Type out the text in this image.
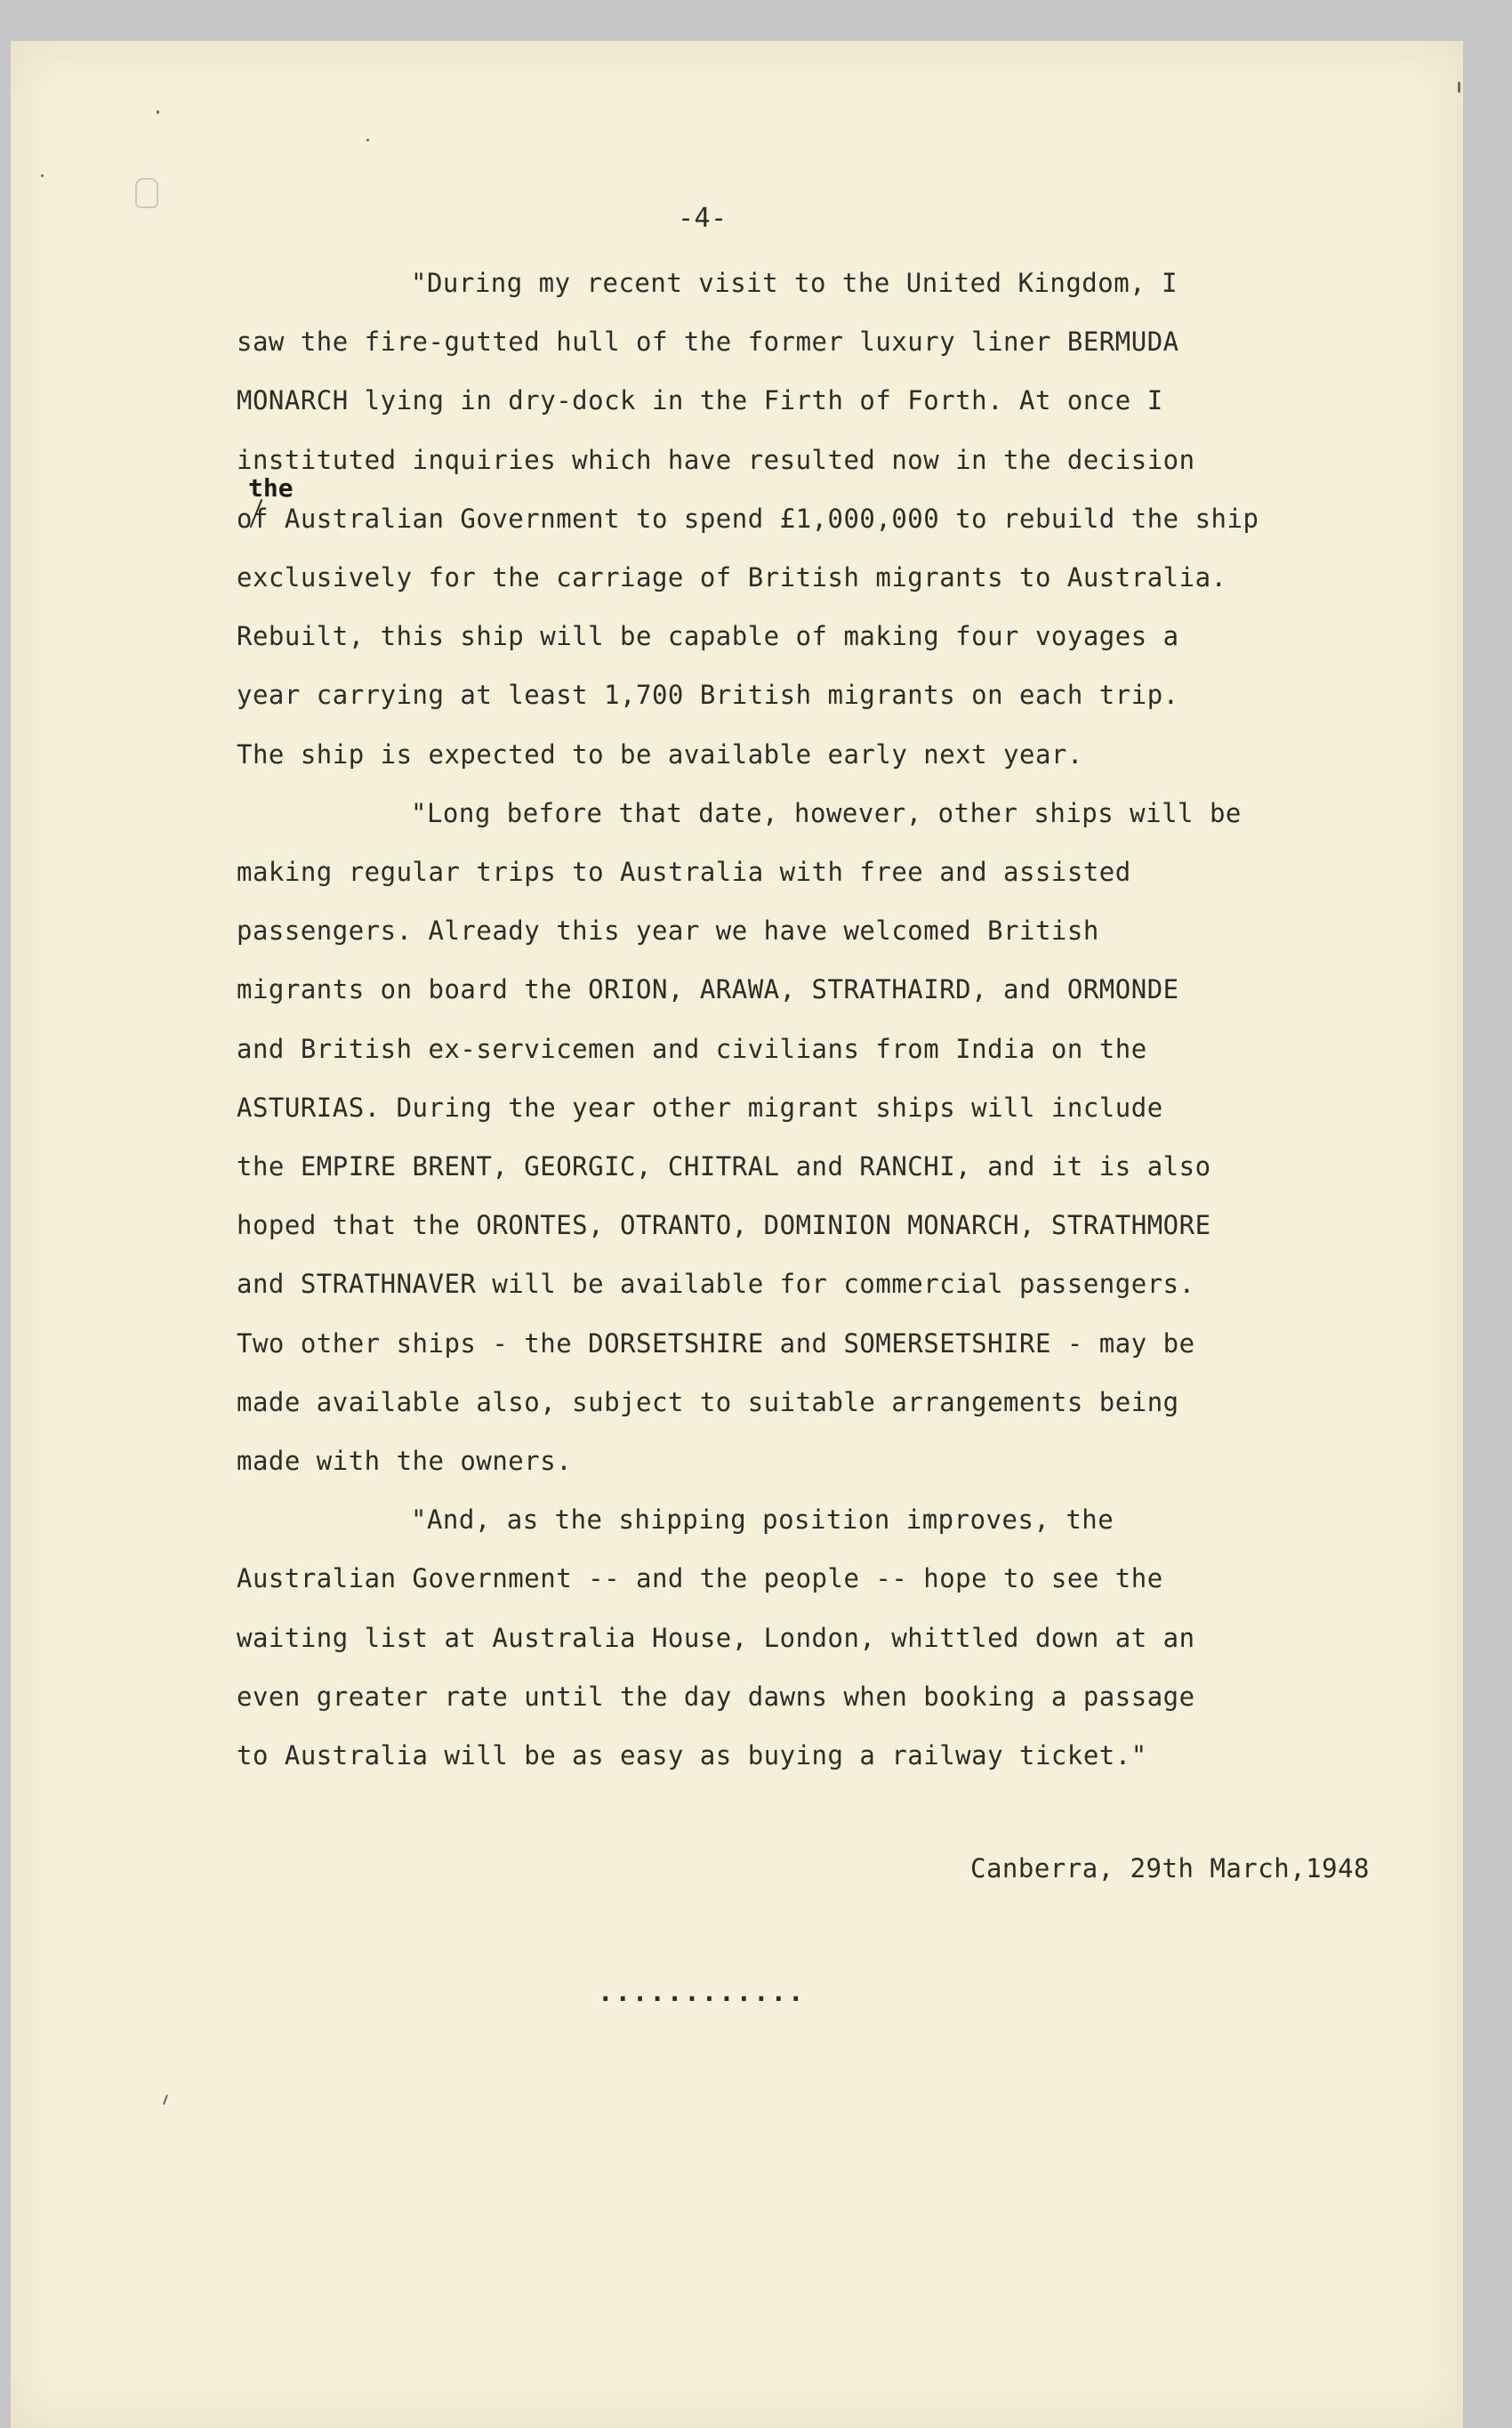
-4-
the
"During my recent visit to the United Kingdom, I
saw the fire-gutted hull of the former luxury liner BERMUDA
MONARCH lying in dry-dock in the Firth of Forth. At once I
instituted inquiries which have resulted now in the decision
of Australian Government to spend £1,000,000 to rebuild the ship
exclusively for the carriage of British migrants to Australia.
Rebuilt, this ship will be capable of making four voyages a
year carrying at least 1,700 British migrants on each trip.
The ship is expected to be available early next year.
"Long before that date, however, other ships will be
making regular trips to Australia with free and assisted
passengers. Already this year we have welcomed British
migrants on board the ORION, ARAWA, STRATHAIRD, and ORMONDE
and British ex-servicemen and civilians from India on the
ASTURIAS. During the year other migrant ships will include
the EMPIRE BRENT, GEORGIC, CHITRAL and RANCHI, and it is also
hoped that the ORONTES, OTRANTO, DOMINION MONARCH, STRATHMORE
and STRATHNAVER will be available for commercial passengers.
Two other ships - the DORSETSHIRE and SOMERSETSHIRE - may be
made available also, subject to suitable arrangements being
made with the owners.
"And, as the shipping position improves, the
Australian Government -- and the people -- hope to see the
waiting list at Australia House, London, whittled down at an
even greater rate until the day dawns when booking a passage
to Australia will be as easy as buying a railway ticket."
Canberra, 29th March,1948
............
